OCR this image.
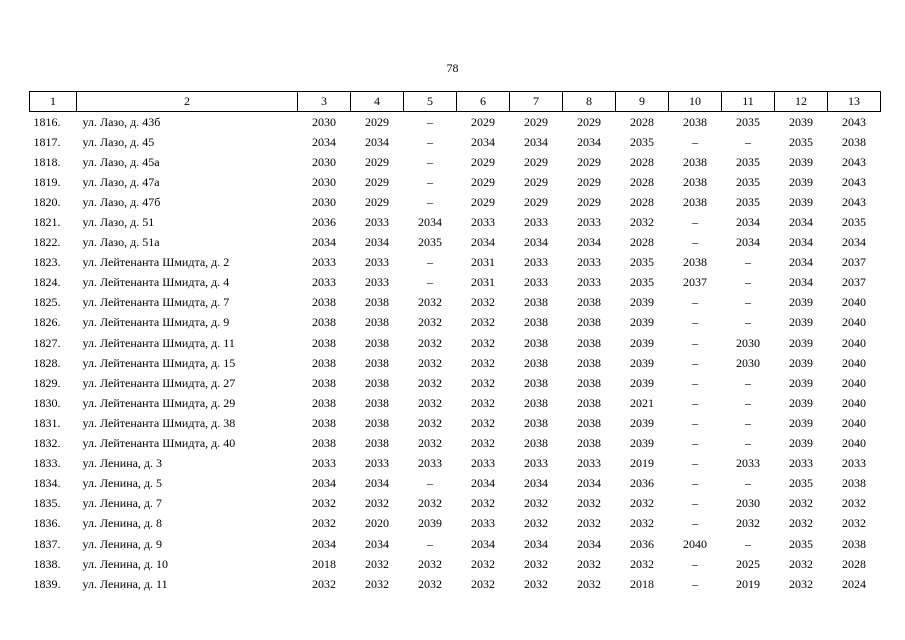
78
1	2	3	4	5	6	7	8	9	10	11	12	13
1816.	ул. Лазо, д. 43б	2030	2029	–	2029	2029	2029	2028	2038	2035	2039	2043
1817.	ул. Лазо, д. 45	2034	2034	–	2034	2034	2034	2035	–	–	2035	2038
1818.	ул. Лазо, д. 45а	2030	2029	–	2029	2029	2029	2028	2038	2035	2039	2043
1819.	ул. Лазо, д. 47а	2030	2029	–	2029	2029	2029	2028	2038	2035	2039	2043
1820.	ул. Лазо, д. 47б	2030	2029	–	2029	2029	2029	2028	2038	2035	2039	2043
1821.	ул. Лазо, д. 51	2036	2033	2034	2033	2033	2033	2032	–	2034	2034	2035
1822.	ул. Лазо, д. 51а	2034	2034	2035	2034	2034	2034	2028	–	2034	2034	2034
1823.	ул. Лейтенанта Шмидта, д. 2	2033	2033	–	2031	2033	2033	2035	2038	–	2034	2037
1824.	ул. Лейтенанта Шмидта, д. 4	2033	2033	–	2031	2033	2033	2035	2037	–	2034	2037
1825.	ул. Лейтенанта Шмидта, д. 7	2038	2038	2032	2032	2038	2038	2039	–	–	2039	2040
1826.	ул. Лейтенанта Шмидта, д. 9	2038	2038	2032	2032	2038	2038	2039	–	–	2039	2040
1827.	ул. Лейтенанта Шмидта, д. 11	2038	2038	2032	2032	2038	2038	2039	–	2030	2039	2040
1828.	ул. Лейтенанта Шмидта, д. 15	2038	2038	2032	2032	2038	2038	2039	–	2030	2039	2040
1829.	ул. Лейтенанта Шмидта, д. 27	2038	2038	2032	2032	2038	2038	2039	–	–	2039	2040
1830.	ул. Лейтенанта Шмидта, д. 29	2038	2038	2032	2032	2038	2038	2021	–	–	2039	2040
1831.	ул. Лейтенанта Шмидта, д. 38	2038	2038	2032	2032	2038	2038	2039	–	–	2039	2040
1832.	ул. Лейтенанта Шмидта, д. 40	2038	2038	2032	2032	2038	2038	2039	–	–	2039	2040
1833.	ул. Ленина, д. 3	2033	2033	2033	2033	2033	2033	2019	–	2033	2033	2033
1834.	ул. Ленина, д. 5	2034	2034	–	2034	2034	2034	2036	–	–	2035	2038
1835.	ул. Ленина, д. 7	2032	2032	2032	2032	2032	2032	2032	–	2030	2032	2032
1836.	ул. Ленина, д. 8	2032	2020	2039	2033	2032	2032	2032	–	2032	2032	2032
1837.	ул. Ленина, д. 9	2034	2034	–	2034	2034	2034	2036	2040	–	2035	2038
1838.	ул. Ленина, д. 10	2018	2032	2032	2032	2032	2032	2032	–	2025	2032	2028
1839.	ул. Ленина, д. 11	2032	2032	2032	2032	2032	2032	2018	–	2019	2032	2024
